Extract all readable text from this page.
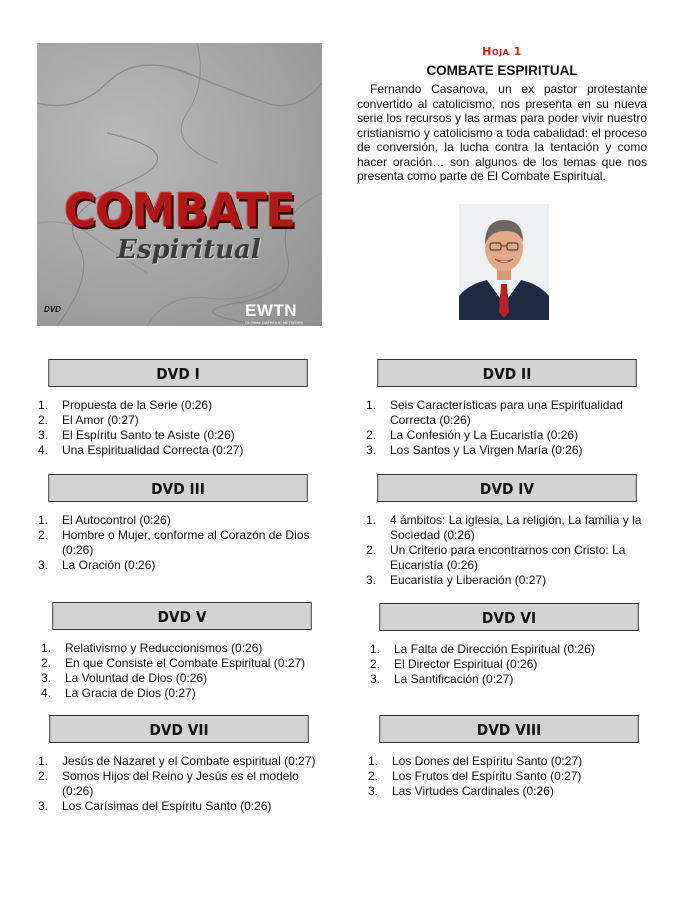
COMBATE
Espiritual
DVD	EWTN
GLOBAL CATHOLIC NETWORK
Hoja 1
COMBATE ESPIRITUAL
Fernando Casanova, un ex pastor protestante convertido al catolicismo, nos presenta en su nueva serie los recursos y las armas para poder vivir nuestro cristianismo y catolicismo a toda cabalidad: el proceso de conversión, la lucha contra la tentación y como hacer oración… son algunos de los temas que nos presenta como parte de El Combate Espiritual.
DVD I
1. Propuesta de la Serie (0:26)
2. El Amor (0:27)
3. El Espíritu Santo te Asiste (0:26)
4. Una Espiritualidad Correcta (0:27)
DVD II
1. Seis Características para una Espiritualidad Correcta (0:26)
2. La Confesión y La Eucaristía (0:26)
3. Los Santos y La Virgen María (0:26)
DVD III
1. El Autocontrol (0:26)
2. Hombre o Mujer, conforme al Corazón de Dios (0:26)
3. La Oración (0:26)
DVD IV
1. 4 ámbitos: La iglesia, La religión, La familia y la Sociedad (0:26)
2. Un Criterio para encontrarnos con Cristo: La Eucaristía (0:26)
3. Eucaristía y Liberación (0:27)
DVD V
1. Relativismo y Reduccionismos (0:26)
2. En que Consiste el Combate Espiritual (0:27)
3. La Voluntad de Dios (0:26)
4. La Gracia de Dios (0:27)
DVD VI
1. La Falta de Dirección Espiritual (0:26)
2. El Director Espiritual (0:26)
3. La Santificación (0:27)
DVD VII
1. Jesús de Nazaret y el Combate espiritual (0:27)
2. Somos Hijos del Reino y Jesús es el modelo (0:26)
3. Los Carísimas del Espíritu Santo (0:26)
DVD VIII
1. Los Dones del Espíritu Santo (0:27)
2. Los Frutos del Espíritu Santo (0:27)
3. Las Virtudes Cardinales (0:26)
